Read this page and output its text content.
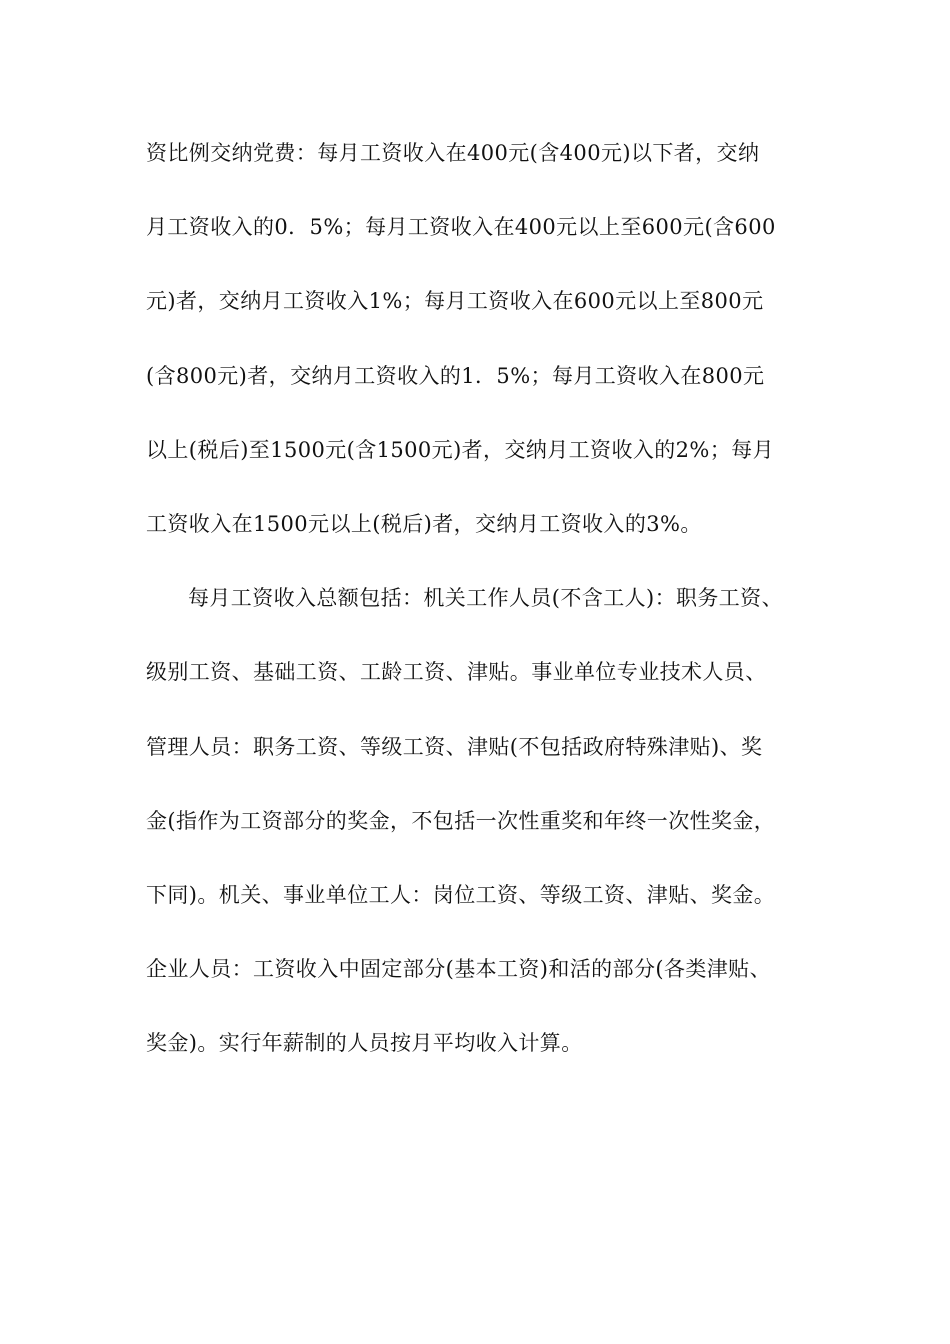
资比例交纳党费：每月工资收入在400元(含400元)以下者，交纳
月工资收入的0．5%；每月工资收入在400元以上至600元(含600
元)者，交纳月工资收入1%；每月工资收入在600元以上至800元
(含800元)者，交纳月工资收入的1．5%；每月工资收入在800元
以上(税后)至1500元(含1500元)者，交纳月工资收入的2%；每月
工资收入在1500元以上(税后)者，交纳月工资收入的3%。
每月工资收入总额包括：机关工作人员(不含工人)：职务工资、
级别工资、基础工资、工龄工资、津贴。事业单位专业技术人员、
管理人员：职务工资、等级工资、津贴(不包括政府特殊津贴)、奖
金(指作为工资部分的奖金，不包括一次性重奖和年终一次性奖金，
下同)。机关、事业单位工人：岗位工资、等级工资、津贴、奖金。
企业人员：工资收入中固定部分(基本工资)和活的部分(各类津贴、
奖金)。实行年薪制的人员按月平均收入计算。
